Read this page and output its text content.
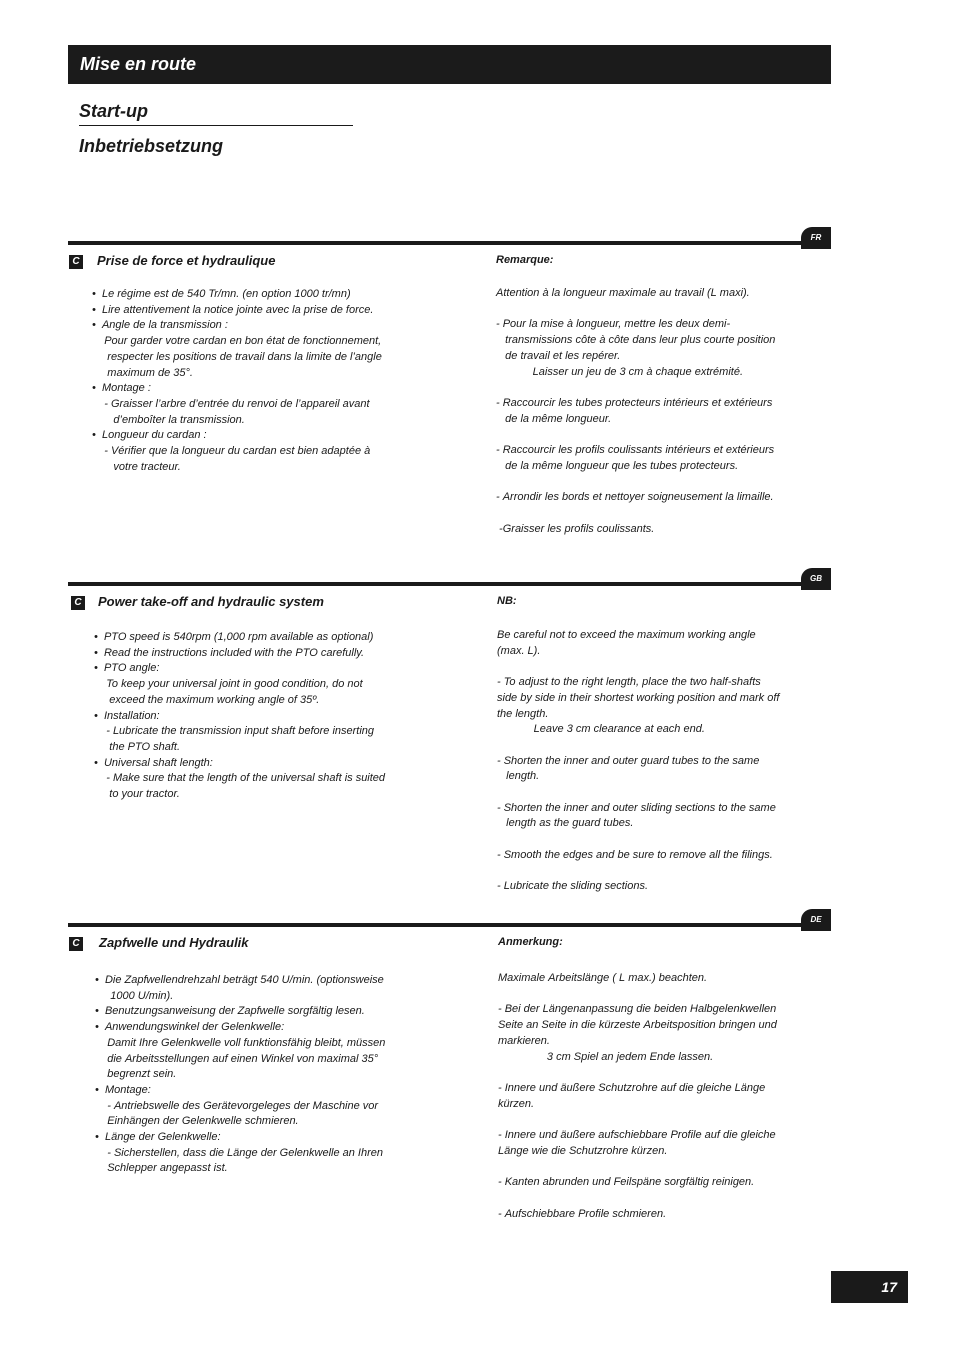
Mise en route
Start-up
Inbetriebsetzung
FR
C Prise de force et hydraulique	Remarque:
•  Le régime est de 540 Tr/mn. (en option 1000 tr/mn)
•  Lire attentivement la notice jointe avec la prise de force.
•  Angle de la transmission :
Pour garder votre cardan en bon état de fonctionnement,
respecter les positions de travail dans la limite de l’angle
maximum de 35°.
•  Montage :
- Graisser l’arbre d’entrée du renvoi de l’appareil avant
d’emboîter la transmission.
•  Longueur du cardan :
- Vérifier que la longueur du cardan est bien adaptée à
votre tracteur.
Attention à la longueur maximale au travail (L maxi).
- Pour la mise à longueur, mettre les deux demi-
transmissions côte à côte dans leur plus courte position
de travail et les repérer.
Laisser un jeu de 3 cm à chaque extrémité.
- Raccourcir les tubes protecteurs intérieurs et extérieurs
de la même longueur.
- Raccourcir les profils coulissants intérieurs et extérieurs
de la même longueur que les tubes protecteurs.
- Arrondir les bords et nettoyer soigneusement la limaille.
-Graisser les profils coulissants.
GB
C Power take-off and hydraulic system	NB:
•  PTO speed is 540rpm (1,000 rpm available as optional)
•  Read the instructions included with the PTO carefully.
•  PTO angle:
To keep your universal joint in good condition, do not
exceed the maximum working angle of 35º.
•  Installation:
- Lubricate the transmission input shaft before inserting
the PTO shaft.
•  Universal shaft length:
- Make sure that the length of the universal shaft is suited
to your tractor.
Be careful not to exceed the maximum working angle
(max. L).
- To adjust to the right length, place the two half-shafts
side by side in their shortest working position and mark off
the length.
Leave 3 cm clearance at each end.
- Shorten the inner and outer guard tubes to the same
length.
- Shorten the inner and outer sliding sections to the same
length as the guard tubes.
- Smooth the edges and be sure to remove all the filings.
- Lubricate the sliding sections.
DE
C Zapfwelle und Hydraulik	Anmerkung:
•  Die Zapfwellendrehzahl beträgt 540 U/min. (optionsweise
1000 U/min).
•  Benutzungsanweisung der Zapfwelle sorgfältig lesen.
•  Anwendungswinkel der Gelenkwelle:
Damit Ihre Gelenkwelle voll funktionsfähig bleibt, müssen
die Arbeitsstellungen auf einen Winkel von maximal 35°
begrenzt sein.
•  Montage:
- Antriebswelle des Gerätevorgeleges der Maschine vor
Einhängen der Gelenkwelle schmieren.
•  Länge der Gelenkwelle:
- Sicherstellen, dass die Länge der Gelenkwelle an Ihren
Schlepper angepasst ist.
Maximale Arbeitslänge ( L max.) beachten.
- Bei der Längenanpassung die beiden Halbgelenkwellen
Seite an Seite in die kürzeste Arbeitsposition bringen und
markieren.
3 cm Spiel an jedem Ende lassen.
- Innere und äußere Schutzrohre auf die gleiche Länge
kürzen.
- Innere und äußere aufschiebbare Profile auf die gleiche
Länge wie die Schutzrohre kürzen.
- Kanten abrunden und Feilspäne sorgfältig reinigen.
- Aufschiebbare Profile schmieren.
17
